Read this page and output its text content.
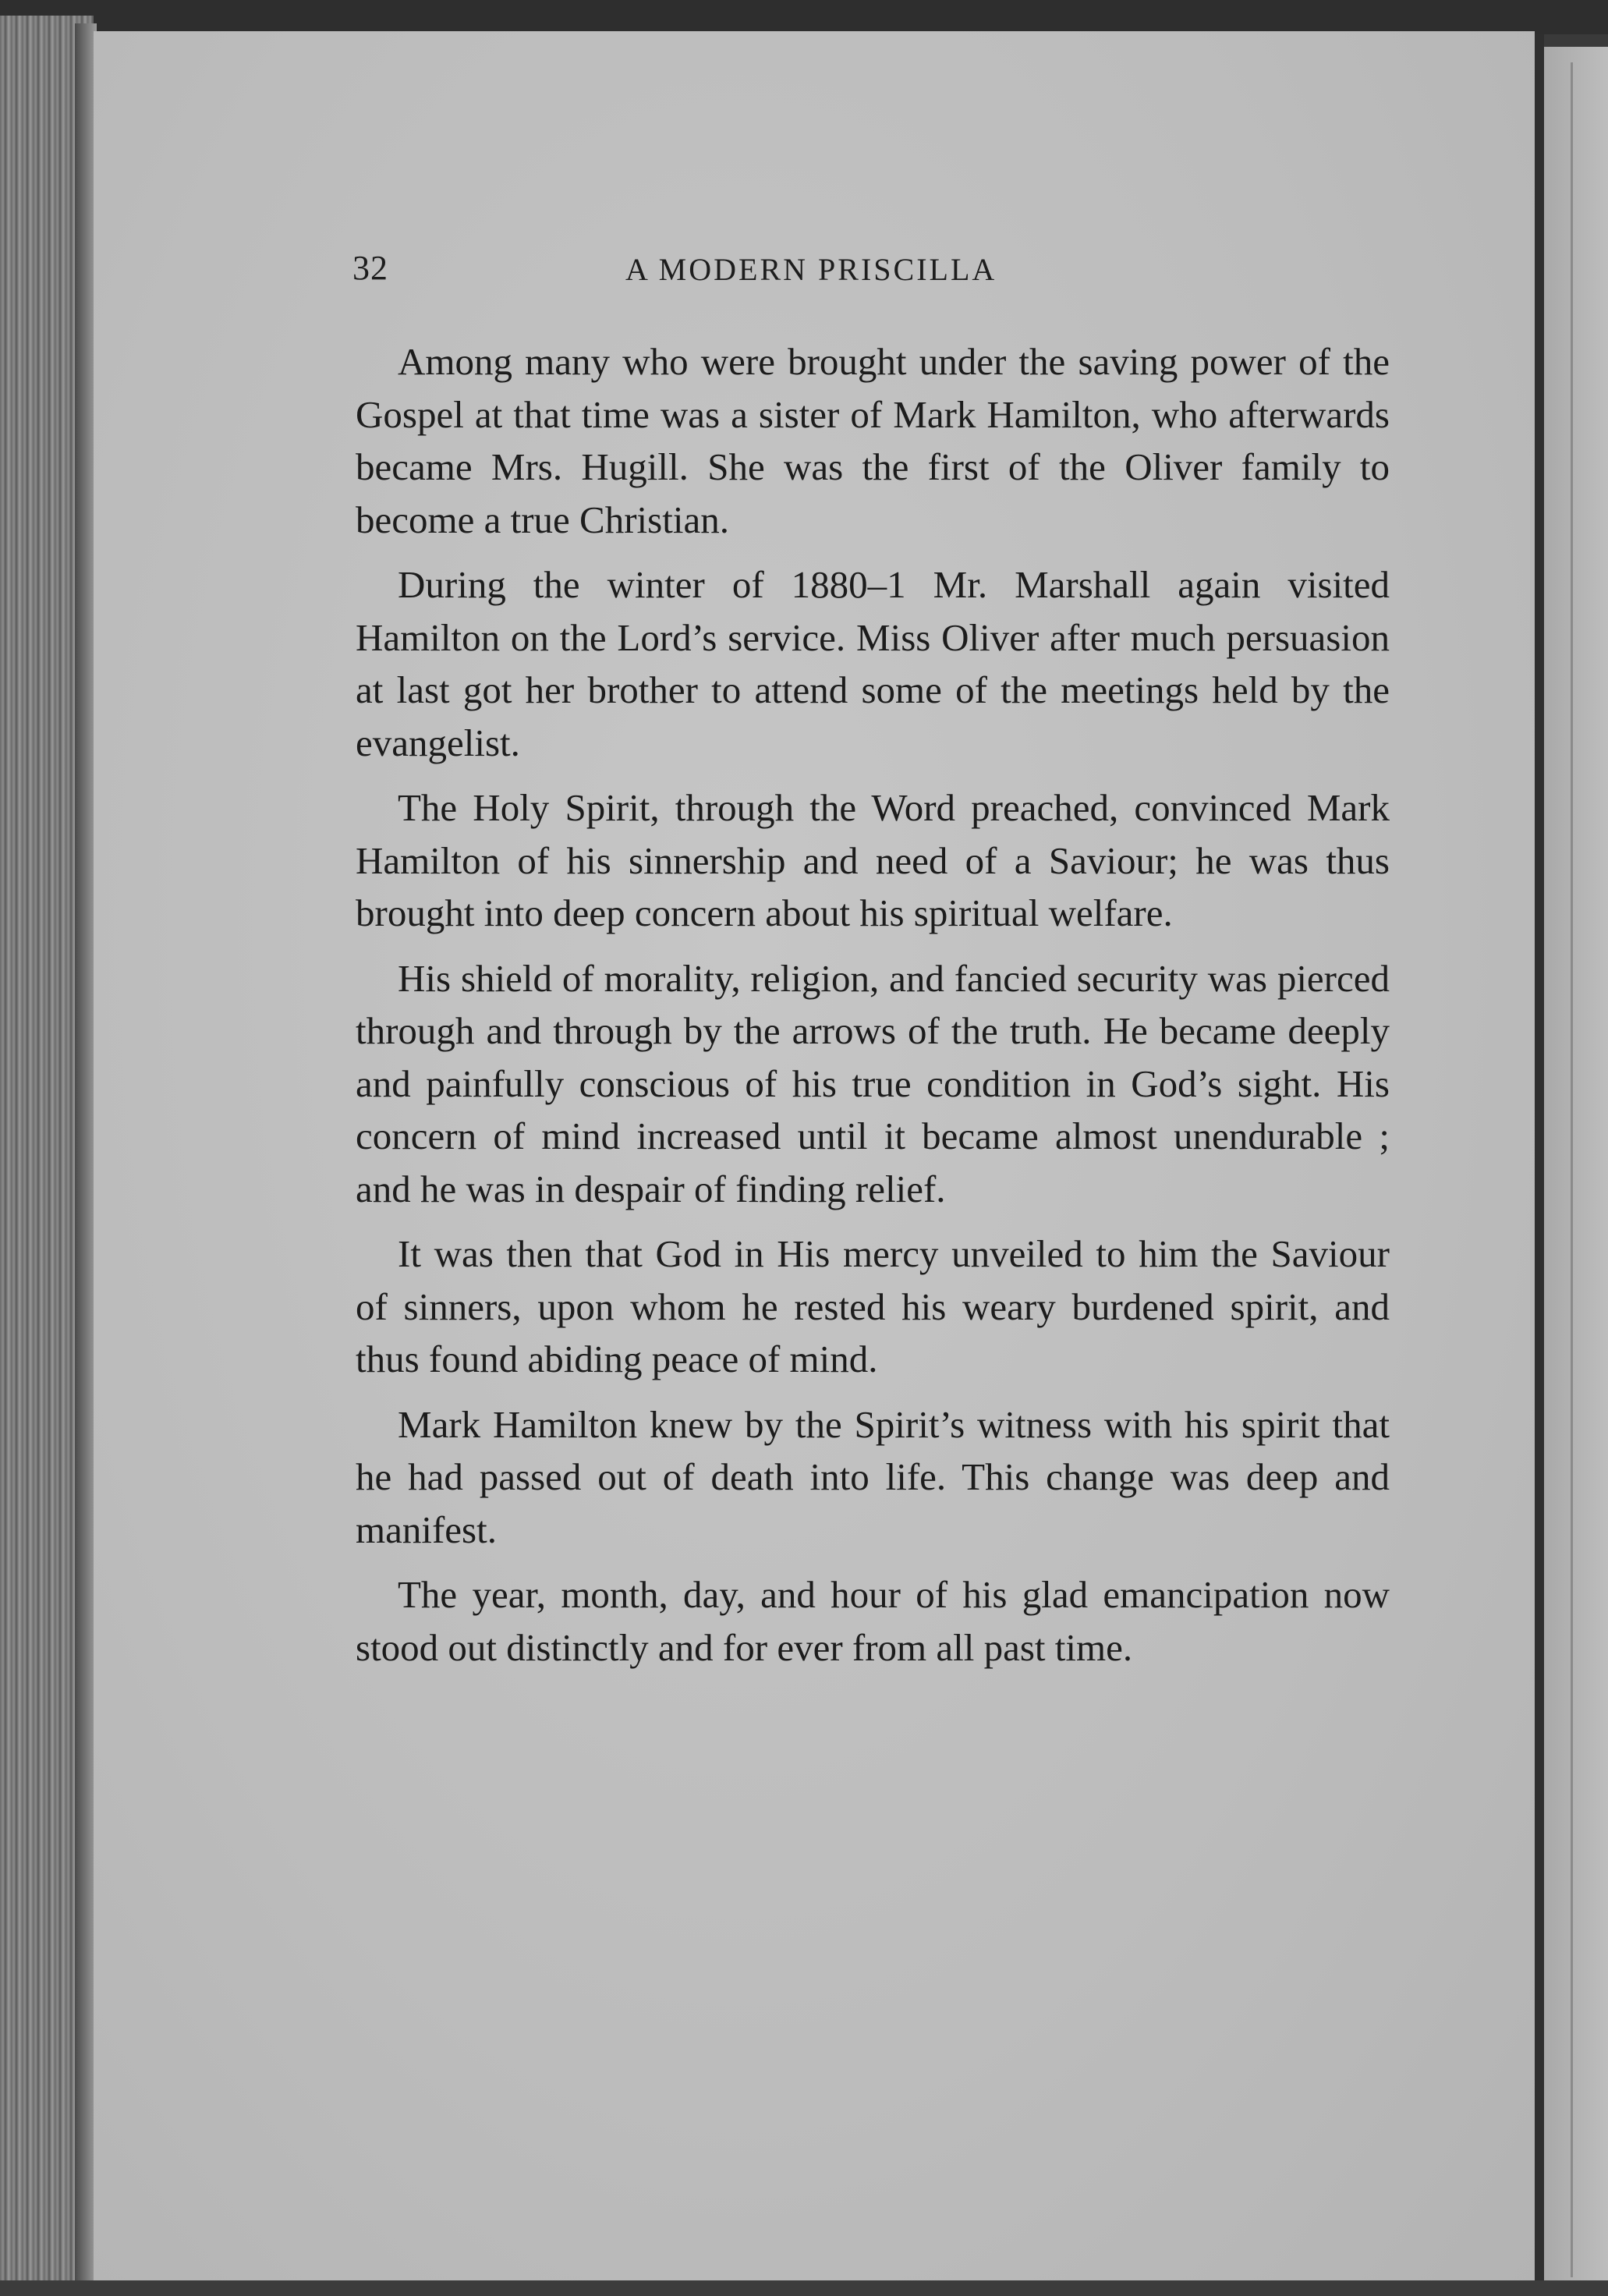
32	A MODERN PRISCILLA

Among many who were brought under the saving power of the Gospel at that time was a sister of Mark Hamilton, who afterwards became Mrs. Hugill. She was the first of the Oliver family to become a true Christian.

During the winter of 1880–1 Mr. Marshall again visited Hamilton on the Lord’s service. Miss Oliver after much persuasion at last got her brother to attend some of the meetings held by the evangelist.

The Holy Spirit, through the Word preached, convinced Mark Hamilton of his sinnership and need of a Saviour; he was thus brought into deep concern about his spiritual welfare.

His shield of morality, religion, and fancied security was pierced through and through by the arrows of the truth. He became deeply and painfully conscious of his true condition in God’s sight. His concern of mind increased until it became almost unendurable ; and he was in despair of finding relief.

It was then that God in His mercy unveiled to him the Saviour of sinners, upon whom he rested his weary burdened spirit, and thus found abiding peace of mind.

Mark Hamilton knew by the Spirit’s witness with his spirit that he had passed out of death into life. This change was deep and manifest.

The year, month, day, and hour of his glad emancipation now stood out distinctly and for ever from all past time.
